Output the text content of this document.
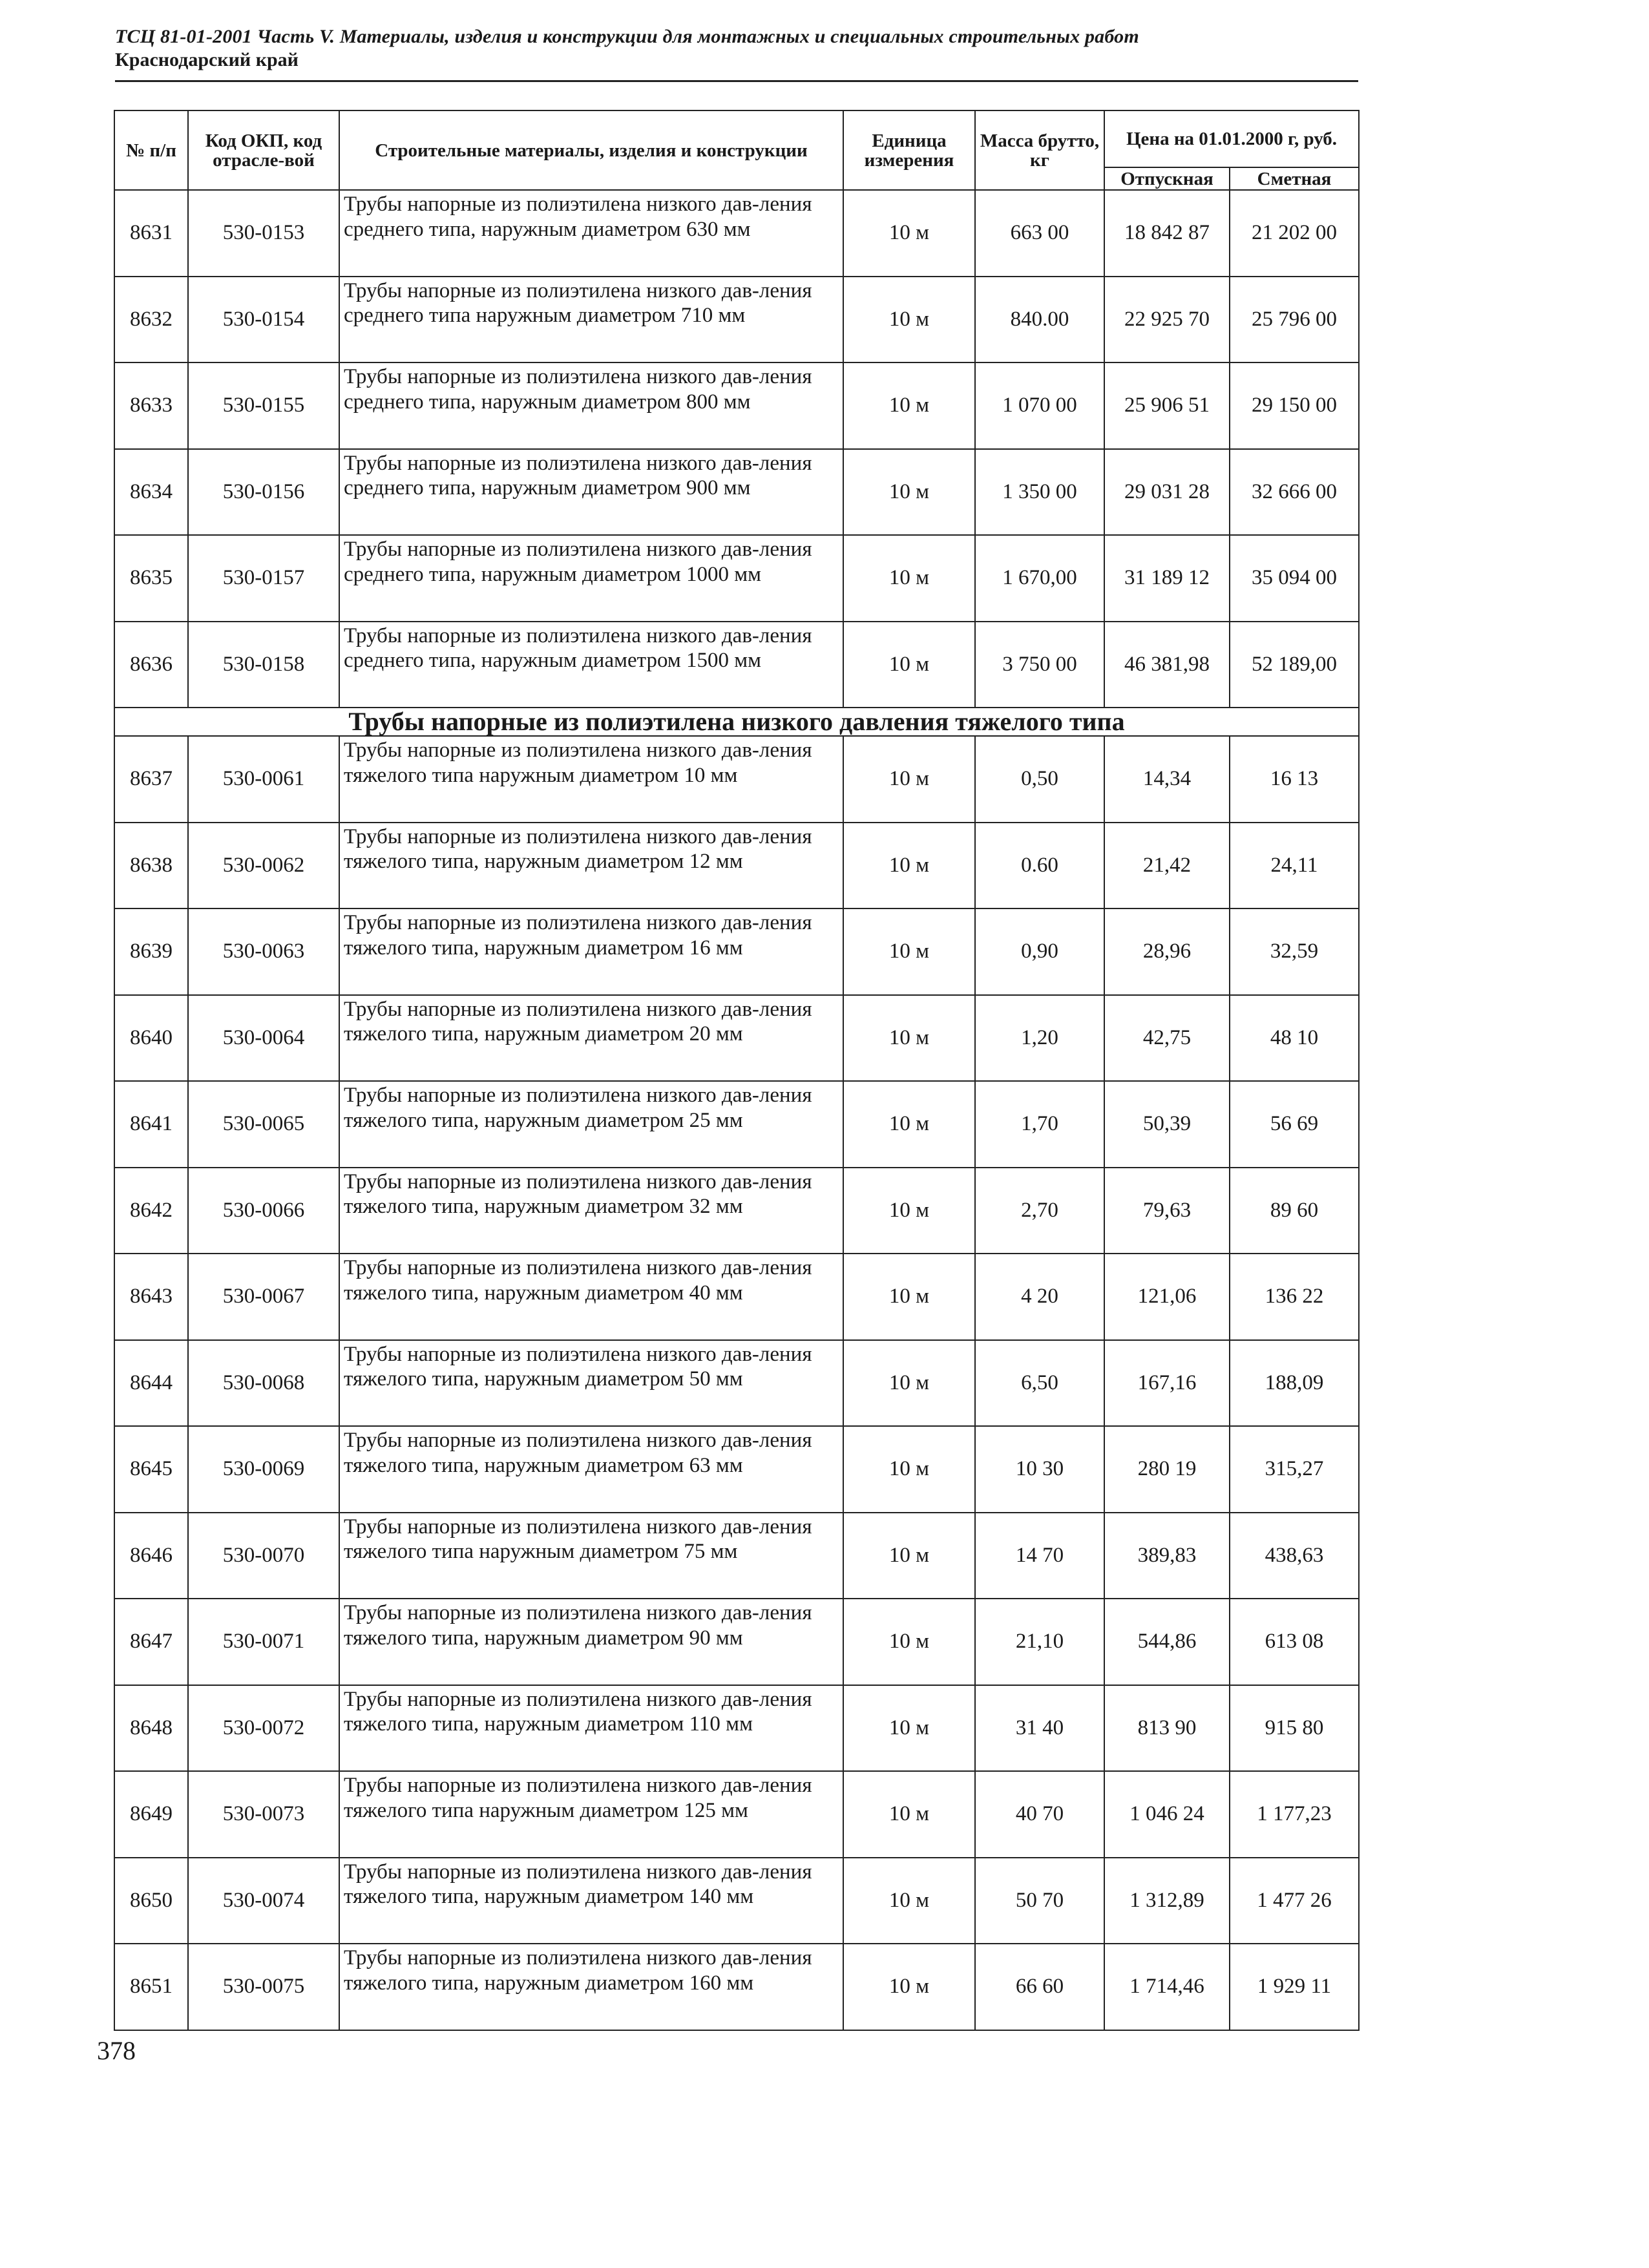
ТСЦ 81-01-2001 Часть V. Материалы, изделия и конструкции для монтажных и специальных строительных работ
Краснодарский край
№ п/п	Код ОКП, код отрасле-вой	Строительные материалы, изделия и конструкции	Единица измерения	Масса брутто, кг	Цена на 01.01.2000 г, руб.	
					Отпускная	Сметная
8631	530-0153	Трубы напорные из полиэтилена низкого дав-ления среднего типа, наружным диаметром 630 мм	10 м	663 00	18 842 87	21 202 00
8632	530-0154	Трубы напорные из полиэтилена низкого дав-ления среднего типа наружным диаметром 710 мм	10 м	840.00	22 925 70	25 796 00
8633	530-0155	Трубы напорные из полиэтилена низкого дав-ления среднего типа, наружным диаметром 800 мм	10 м	1 070 00	25 906 51	29 150 00
8634	530-0156	Трубы напорные из полиэтилена низкого дав-ления среднего типа, наружным диаметром 900 мм	10 м	1 350 00	29 031 28	32 666 00
8635	530-0157	Трубы напорные из полиэтилена низкого дав-ления среднего типа, наружным диаметром 1000 мм	10 м	1 670,00	31 189 12	35 094 00
8636	530-0158	Трубы напорные из полиэтилена низкого дав-ления среднего типа, наружным диаметром 1500 мм	10 м	3 750 00	46 381,98	52 189,00
Трубы напорные из полиэтилена низкого давления тяжелого типа						
8637	530-0061	Трубы напорные из полиэтилена низкого дав-ления тяжелого типа наружным диаметром 10 мм	10 м	0,50	14,34	16 13
8638	530-0062	Трубы напорные из полиэтилена низкого дав-ления тяжелого типа, наружным диаметром 12 мм	10 м	0.60	21,42	24,11
8639	530-0063	Трубы напорные из полиэтилена низкого дав-ления тяжелого типа, наружным диаметром 16 мм	10 м	0,90	28,96	32,59
8640	530-0064	Трубы напорные из полиэтилена низкого дав-ления тяжелого типа, наружным диаметром 20 мм	10 м	1,20	42,75	48 10
8641	530-0065	Трубы напорные из полиэтилена низкого дав-ления тяжелого типа, наружным диаметром 25 мм	10 м	1,70	50,39	56 69
8642	530-0066	Трубы напорные из полиэтилена низкого дав-ления тяжелого типа, наружным диаметром 32 мм	10 м	2,70	79,63	89 60
8643	530-0067	Трубы напорные из полиэтилена низкого дав-ления тяжелого типа, наружным диаметром 40 мм	10 м	4 20	121,06	136 22
8644	530-0068	Трубы напорные из полиэтилена низкого дав-ления тяжелого типа, наружным диаметром 50 мм	10 м	6,50	167,16	188,09
8645	530-0069	Трубы напорные из полиэтилена низкого дав-ления тяжелого типа, наружным диаметром 63 мм	10 м	10 30	280 19	315,27
8646	530-0070	Трубы напорные из полиэтилена низкого дав-ления тяжелого типа наружным диаметром 75 мм	10 м	14 70	389,83	438,63
8647	530-0071	Трубы напорные из полиэтилена низкого дав-ления тяжелого типа, наружным диаметром 90 мм	10 м	21,10	544,86	613 08
8648	530-0072	Трубы напорные из полиэтилена низкого дав-ления тяжелого типа, наружным диаметром 110 мм	10 м	31 40	813 90	915 80
8649	530-0073	Трубы напорные из полиэтилена низкого дав-ления тяжелого типа наружным диаметром 125 мм	10 м	40 70	1 046 24	1 177,23
8650	530-0074	Трубы напорные из полиэтилена низкого дав-ления тяжелого типа, наружным диаметром 140 мм	10 м	50 70	1 312,89	1 477 26
8651	530-0075	Трубы напорные из полиэтилена низкого дав-ления тяжелого типа, наружным диаметром 160 мм	10 м	66 60	1 714,46	1 929 11
378
